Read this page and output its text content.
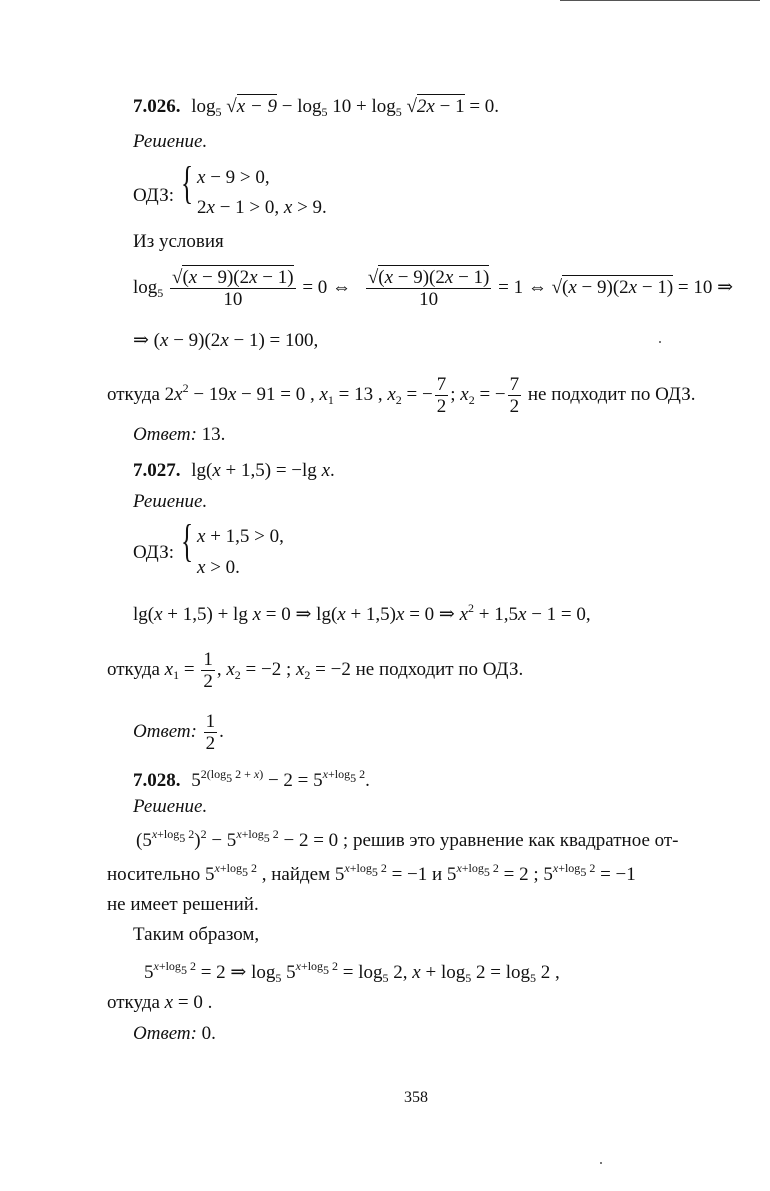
7.026. $\log_5 √x - 9 - \log_5 10 + \log_5 √2x - 1 = 0$.
Решение.
ОДЗ: { x − 9 > 0,
2x − 1 > 0, x > 9.
Из условия
$\log_5 \frac{√(x - 9)(2x - 1)}{10} = 0$ ⇔ $\frac{√(x - 9)(2x - 1)}{10} = 1$ ⇔ √(x − 9)(2x − 1) = 10 ⇒
⇒ (x − 9)(2x − 1) = 100,
откуда $2x^2 - 19x - 91 = 0$ , $x_1 = 13$ , $x_2$ = − $\frac{7}{2}$ ; $x_2$ = − $\frac{7}{2}$ не подходит по ОДЗ.
Ответ: 13.
7.027. lg(x + 1,5) = −lg x.
Решение.
ОДЗ: { x + 1,5 > 0,
x > 0.
lg(x + 1,5) + lg x = 0 ⇒ lg(x + 1,5)x = 0 ⇒ $x^2 + 1,5x - 1 = 0$,
откуда $x_1 = \frac{1}{2}$ , $x_2 = -2$ ; $x_2 = -2$ не подходит по ОДЗ.
Ответ: $\frac{1}{2}$ .
7.028. $5^{2(log_5 2 + x)} - 2 = 5^{x+log_5 2}$.
Решение.
$(5^{x+log_5 2})^2 - 5^{x+log_5 2} - 2 = 0$ ; решив это уравнение как квадратное от-
носительно $5^{x+log_5 2}$ , найдем $5^{x+log_5 2} = -1$ и $5^{x+log_5 2} = 2$ ; $5^{x+log_5 2} = -1$
не имеет решений.
Таким образом,
$5^{x+log_5 2} = 2$ ⇒ $\log_5 5^{x+log_5 2} = \log_5 2$, $x + \log_5 2 = \log_5 2$ ,
откуда x = 0 .
Ответ: 0.
358
